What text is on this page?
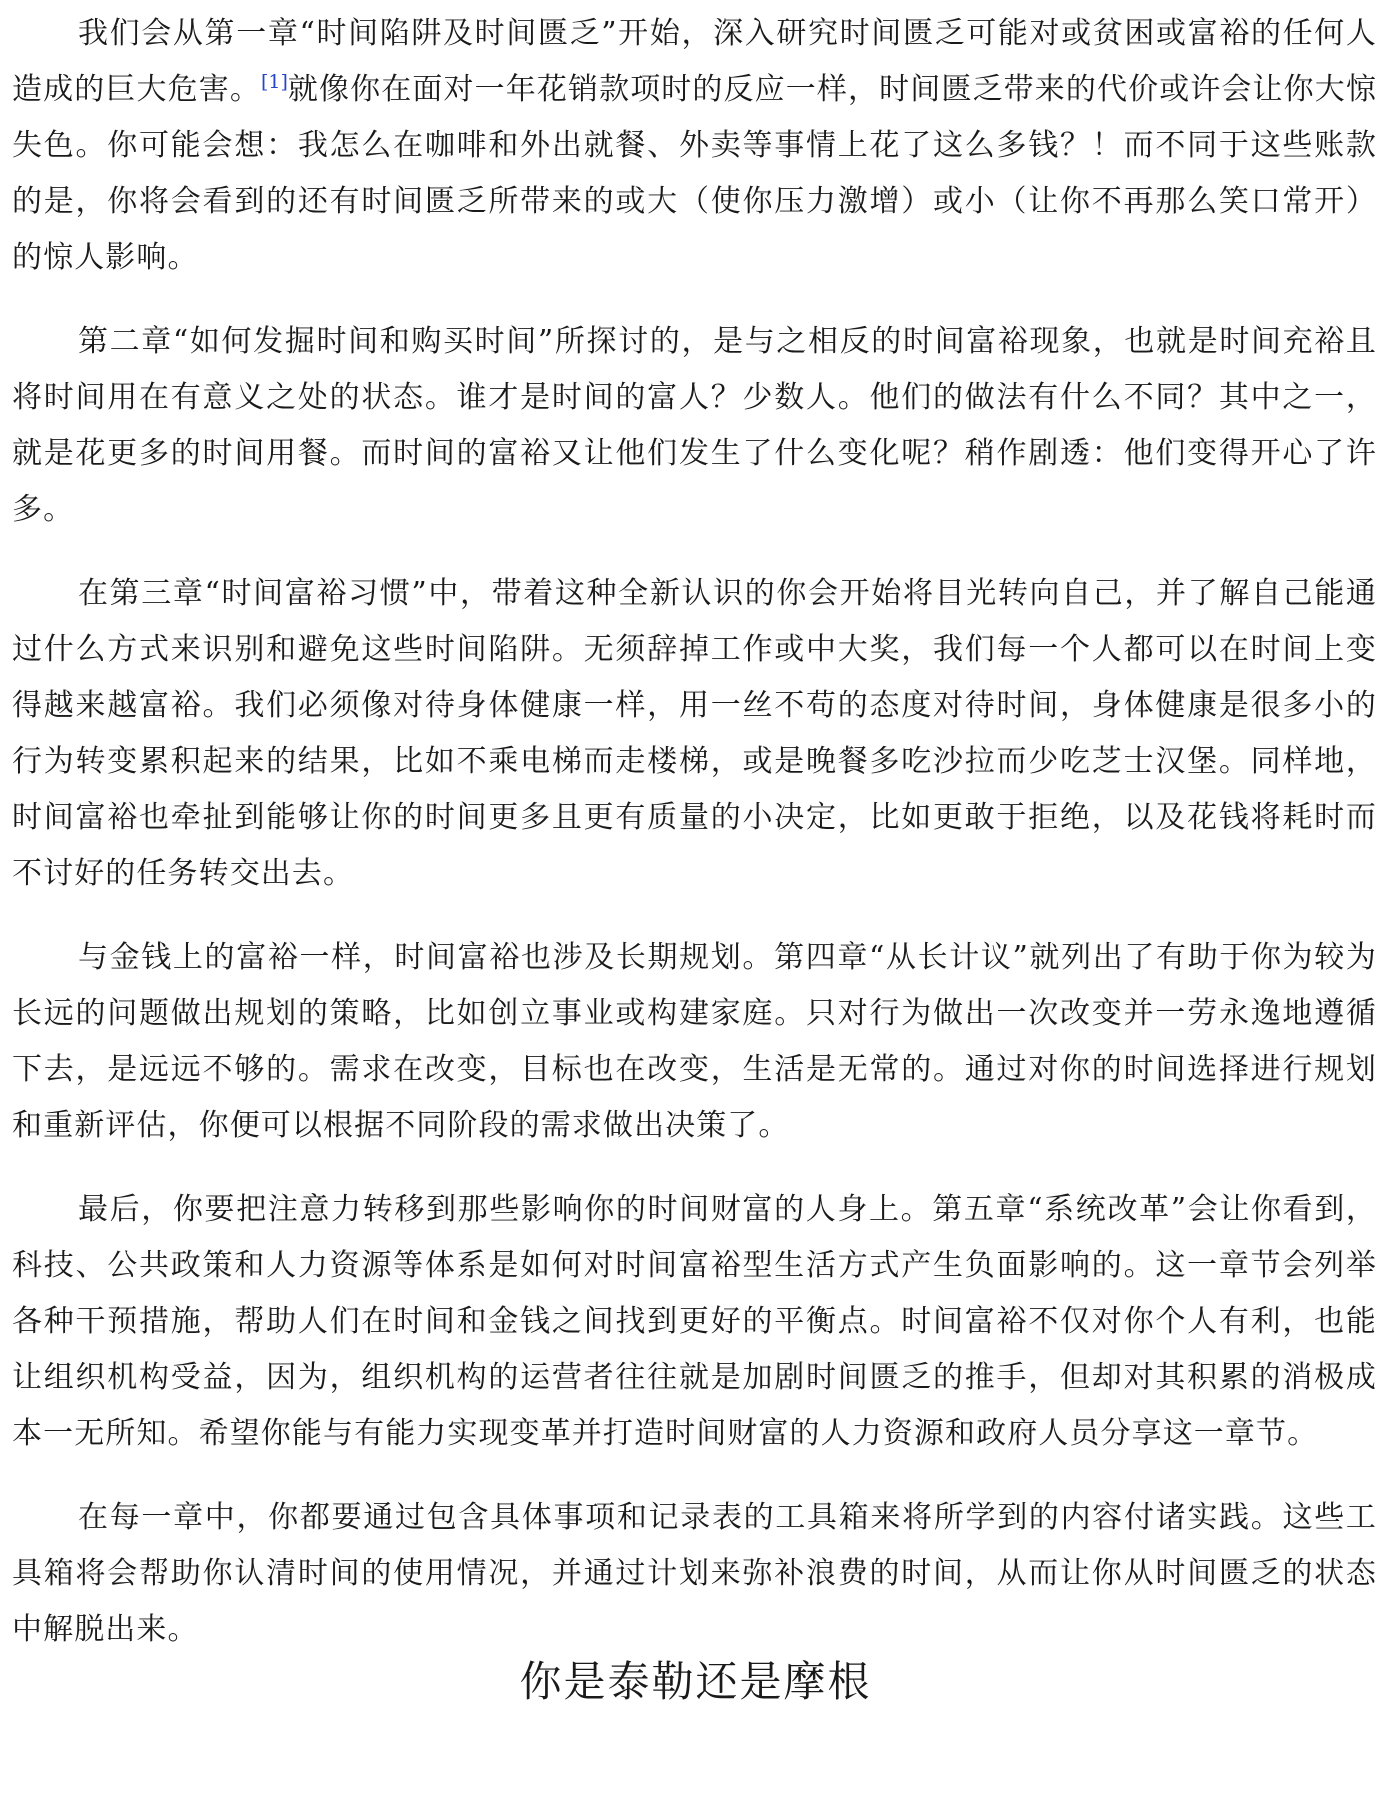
我们会从第一章“时间陷阱及时间匮乏”开始，深入研究时间匮乏可能对或贫困或富裕的任何人造成的巨大危害。[1]就像你在面对一年花销款项时的反应一样，时间匮乏带来的代价或许会让你大惊失色。你可能会想：我怎么在咖啡和外出就餐、外卖等事情上花了这么多钱？！而不同于这些账款的是，你将会看到的还有时间匮乏所带来的或大（使你压力激增）或小（让你不再那么笑口常开）的惊人影响。

第二章“如何发掘时间和购买时间”所探讨的，是与之相反的时间富裕现象，也就是时间充裕且将时间用在有意义之处的状态。谁才是时间的富人？少数人。他们的做法有什么不同？其中之一，就是花更多的时间用餐。而时间的富裕又让他们发生了什么变化呢？稍作剧透：他们变得开心了许多。

在第三章“时间富裕习惯”中，带着这种全新认识的你会开始将目光转向自己，并了解自己能通过什么方式来识别和避免这些时间陷阱。无须辞掉工作或中大奖，我们每一个人都可以在时间上变得越来越富裕。我们必须像对待身体健康一样，用一丝不苟的态度对待时间，身体健康是很多小的行为转变累积起来的结果，比如不乘电梯而走楼梯，或是晚餐多吃沙拉而少吃芝士汉堡。同样地，时间富裕也牵扯到能够让你的时间更多且更有质量的小决定，比如更敢于拒绝，以及花钱将耗时而不讨好的任务转交出去。

与金钱上的富裕一样，时间富裕也涉及长期规划。第四章“从长计议”就列出了有助于你为较为长远的问题做出规划的策略，比如创立事业或构建家庭。只对行为做出一次改变并一劳永逸地遵循下去，是远远不够的。需求在改变，目标也在改变，生活是无常的。通过对你的时间选择进行规划和重新评估，你便可以根据不同阶段的需求做出决策了。

最后，你要把注意力转移到那些影响你的时间财富的人身上。第五章“系统改革”会让你看到，科技、公共政策和人力资源等体系是如何对时间富裕型生活方式产生负面影响的。这一章节会列举各种干预措施，帮助人们在时间和金钱之间找到更好的平衡点。时间富裕不仅对你个人有利，也能让组织机构受益，因为，组织机构的运营者往往就是加剧时间匮乏的推手，但却对其积累的消极成本一无所知。希望你能与有能力实现变革并打造时间财富的人力资源和政府人员分享这一章节。

在每一章中，你都要通过包含具体事项和记录表的工具箱来将所学到的内容付诸实践。这些工具箱将会帮助你认清时间的使用情况，并通过计划来弥补浪费的时间，从而让你从时间匮乏的状态中解脱出来。

你是泰勒还是摩根
